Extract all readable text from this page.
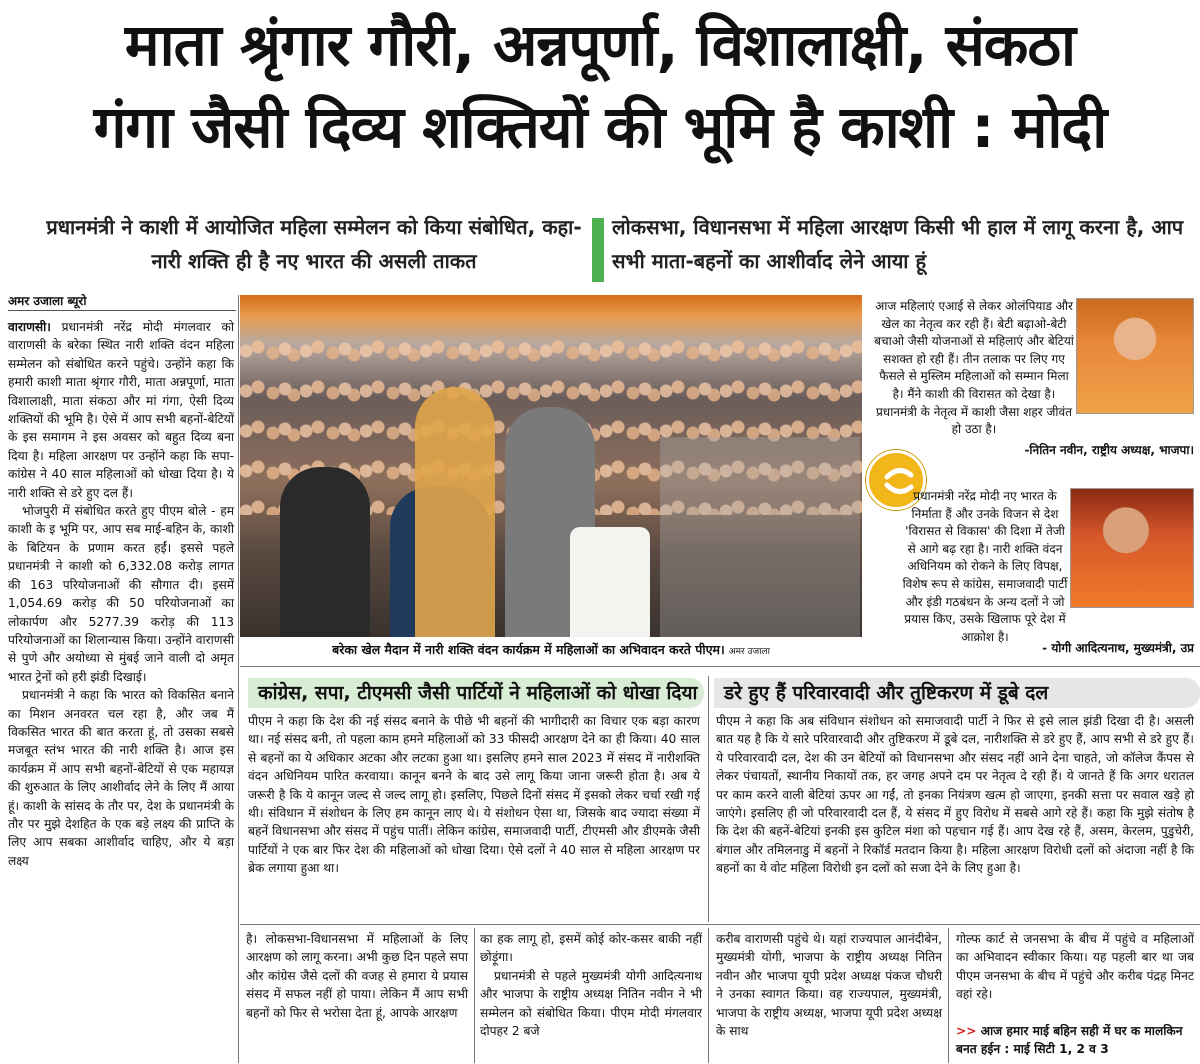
माता श्रृंगार गौरी, अन्नपूर्णा, विशालाक्षी, संकठा
गंगा जैसी दिव्य शक्तियों की भूमि है काशी : मोदी
प्रधानमंत्री ने काशी में आयोजित महिला सम्मेलन को किया संबोधित, कहा- नारी शक्ति ही है नए भारत की असली ताकत
लोकसभा, विधानसभा में महिला आरक्षण किसी भी हाल में लागू करना है, आप सभी माता-बहनों का आशीर्वाद लेने आया हूं
अमर उजाला ब्यूरो
वाराणसी। प्रधानमंत्री नरेंद्र मोदी मंगलवार को वाराणसी के बरेका स्थित नारी शक्ति वंदन महिला सम्मेलन को संबोधित करने पहुंचे। उन्होंने कहा कि हमारी काशी माता श्रृंगार गौरी, माता अन्नपूर्णा, माता विशालाक्षी, माता संकठा और मां गंगा, ऐसी दिव्य शक्तियों की भूमि है। ऐसे में आप सभी बहनों-बेटियों के इस समागम ने इस अवसर को बहुत दिव्य बना दिया है। महिला आरक्षण पर उन्होंने कहा कि सपा-कांग्रेस ने 40 साल महिलाओं को धोखा दिया है। ये नारी शक्ति से डरे हुए दल हैं।
भोजपुरी में संबोधित करते हुए पीएम बोले - हम काशी के इ भूमि पर, आप सब माई-बहिन के, काशी के बिटियन के प्रणाम करत हईं। इससे पहले प्रधानमंत्री ने काशी को 6,332.08 करोड़ लागत की 163 परियोजनाओं की सौगात दी। इसमें 1,054.69 करोड़ की 50 परियोजनाओं का लोकार्पण और 5277.39 करोड़ की 113 परियोजनाओं का शिलान्यास किया। उन्होंने वाराणसी से पुणे और अयोध्या से मुंबई जाने वाली दो अमृत भारत ट्रेनों को हरी झंडी दिखाई।
प्रधानमंत्री ने कहा कि भारत को विकसित बनाने का मिशन अनवरत चल रहा है, और जब मैं विकसित भारत की बात करता हूं, तो उसका सबसे मजबूत स्तंभ भारत की नारी शक्ति है। आज इस कार्यक्रम में आप सभी बहनों-बेटियों से एक महायज्ञ की शुरुआत के लिए आशीर्वाद लेने के लिए मैं आया हूं। काशी के सांसद के तौर पर, देश के प्रधानमंत्री के तौर पर मुझे देशहित के एक बड़े लक्ष्य की प्राप्ति के लिए आप सबका आशीर्वाद चाहिए, और ये बड़ा लक्ष्य
बरेका खेल मैदान में नारी शक्ति वंदन कार्यक्रम में महिलाओं का अभिवादन करते पीएम। अमर उजाला
आज महिलाएं एआई से लेकर ओलंपियाड और खेल का नेतृत्व कर रही हैं। बेटी बढ़ाओ-बेटी बचाओ जैसी योजनाओं से महिलाएं और बेटियां सशक्त हो रही हैं। तीन तलाक पर लिए गए फैसले से मुस्लिम महिलाओं को सम्मान मिला है। मैंने काशी की विरासत को देखा है। प्रधानमंत्री के नेतृत्व में काशी जैसा शहर जीवंत हो उठा है।
-नितिन नवीन, राष्ट्रीय अध्यक्ष, भाजपा।
प्रधानमंत्री नरेंद्र मोदी नए भारत के निर्माता हैं और उनके विजन से देश 'विरासत से विकास' की दिशा में तेजी से आगे बढ़ रहा है। नारी शक्ति वंदन अधिनियम को रोकने के लिए विपक्ष, विशेष रूप से कांग्रेस, समाजवादी पार्टी और इंडी गठबंधन के अन्य दलों ने जो प्रयास किए, उसके खिलाफ पूरे देश में आक्रोश है।
- योगी आदित्यनाथ, मुख्यमंत्री, उप्र
कांग्रेस, सपा, टीएमसी जैसी पार्टियों ने महिलाओं को धोखा दिया
पीएम ने कहा कि देश की नई संसद बनाने के पीछे भी बहनों की भागीदारी का विचार एक बड़ा कारण था। नई संसद बनी, तो पहला काम हमने महिलाओं को 33 फीसदी आरक्षण देने का ही किया। 40 साल से बहनों का ये अधिकार अटका और लटका हुआ था। इसलिए हमने साल 2023 में संसद में नारीशक्ति वंदन अधिनियम पारित करवाया। कानून बनने के बाद उसे लागू किया जाना जरूरी होता है। अब ये जरूरी है कि ये कानून जल्द से जल्द लागू हो। इसलिए, पिछले दिनों संसद में इसको लेकर चर्चा रखी गई थी। संविधान में संशोधन के लिए हम कानून लाए थे। ये संशोधन ऐसा था, जिसके बाद ज्यादा संख्या में बहनें विधानसभा और संसद में पहुंच पातीं। लेकिन कांग्रेस, समाजवादी पार्टी, टीएमसी और डीएमके जैसी पार्टियों ने एक बार फिर देश की महिलाओं को धोखा दिया। ऐसे दलों ने 40 साल से महिला आरक्षण पर ब्रेक लगाया हुआ था।
डरे हुए हैं परिवारवादी और तुष्टिकरण में डूबे दल
पीएम ने कहा कि अब संविधान संशोधन को समाजवादी पार्टी ने फिर से इसे लाल झंडी दिखा दी है। असली बात यह है कि ये सारे परिवारवादी और तुष्टिकरण में डूबे दल, नारीशक्ति से डरे हुए हैं, आप सभी से डरे हुए हैं। ये परिवारवादी दल, देश की उन बेटियों को विधानसभा और संसद नहीं आने देना चाहते, जो कॉलेज कैंपस से लेकर पंचायतों, स्थानीय निकायों तक, हर जगह अपने दम पर नेतृत्व दे रही हैं। ये जानते हैं कि अगर धरातल पर काम करने वाली बेटियां ऊपर आ गईं, तो इनका नियंत्रण खत्म हो जाएगा, इनकी सत्ता पर सवाल खड़े हो जाएंगे। इसलिए ही जो परिवारवादी दल हैं, ये संसद में हुए विरोध में सबसे आगे रहे हैं। कहा कि मुझे संतोष है कि देश की बहनें-बेटियां इनकी इस कुटिल मंशा को पहचान गई हैं। आप देख रहे हैं, असम, केरलम, पुडुचेरी, बंगाल और तमिलनाडु में बहनों ने रिकॉर्ड मतदान किया है। महिला आरक्षण विरोधी दलों को अंदाजा नहीं है कि बहनों का ये वोट महिला विरोधी इन दलों को सजा देने के लिए हुआ है।
है। लोकसभा-विधानसभा में महिलाओं के लिए आरक्षण को लागू करना। अभी कुछ दिन पहले सपा और कांग्रेस जैसे दलों की वजह से हमारा ये प्रयास संसद में सफल नहीं हो पाया। लेकिन मैं आप सभी बहनों को फिर से भरोसा देता हूं, आपके आरक्षण
का हक लागू हो, इसमें कोई कोर-कसर बाकी नहीं छोड़ूंगा।
प्रधानमंत्री से पहले मुख्यमंत्री योगी आदित्यनाथ और भाजपा के राष्ट्रीय अध्यक्ष नितिन नवीन ने भी सम्मेलन को संबोधित किया। पीएम मोदी मंगलवार दोपहर 2 बजे
करीब वाराणसी पहुंचे थे। यहां राज्यपाल आनंदीबेन, मुख्यमंत्री योगी, भाजपा के राष्ट्रीय अध्यक्ष नितिन नवीन और भाजपा यूपी प्रदेश अध्यक्ष पंकज चौधरी ने उनका स्वागत किया। वह राज्यपाल, मुख्यमंत्री, भाजपा के राष्ट्रीय अध्यक्ष, भाजपा यूपी प्रदेश अध्यक्ष के साथ
गोल्फ कार्ट से जनसभा के बीच में पहुंचे व महिलाओं का अभिवादन स्वीकार किया। यह पहली बार था जब पीएम जनसभा के बीच में पहुंचे और करीब पंद्रह मिनट वहां रहे।
>> आज हमार माई बहिन सही में घर क मालकिन बनत हईन : माई सिटी 1, 2 व 3
